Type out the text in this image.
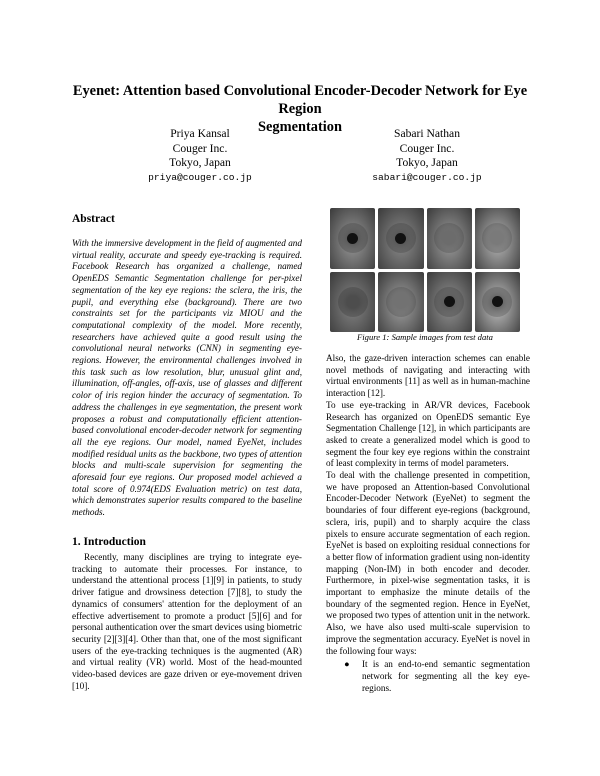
Eyenet: Attention based Convolutional Encoder-Decoder Network for Eye Region
Segmentation
Priya Kansal
Couger Inc.
Tokyo, Japan
priya@couger.co.jp
Sabari Nathan
Couger Inc.
Tokyo, Japan
sabari@couger.co.jp
Abstract
With the immersive development in the field of augmented and virtual reality, accurate and speedy eye-tracking is required. Facebook Research has organized a challenge, named OpenEDS Semantic Segmentation challenge for per-pixel segmentation of the key eye regions: the sclera, the iris, the pupil, and everything else (background). There are two constraints set for the participants viz MIOU and the computational complexity of the model. More recently, researchers have achieved quite a good result using the convolutional neural networks (CNN) in segmenting eye-regions. However, the environmental challenges involved in this task such as low resolution, blur, unusual glint and, illumination, off-angles, off-axis, use of glasses and different color of iris region hinder the accuracy of segmentation. To address the challenges in eye segmentation, the present work proposes a robust and computationally efficient attention-based convolutional encoder-decoder network for segmenting all the eye regions. Our model, named EyeNet, includes modified residual units as the backbone, two types of attention blocks and multi-scale supervision for segmenting the aforesaid four eye regions. Our proposed model achieved a total score of 0.974(EDS Evaluation metric) on test data, which demonstrates superior results compared to the baseline methods.
1. Introduction
Recently, many disciplines are trying to integrate eye-tracking to automate their processes. For instance, to understand the attentional process [1][9] in patients, to study driver fatigue and drowsiness detection [7][8], to study the dynamics of consumers' attention for the deployment of an effective advertisement to promote a product [5][6] and for personal authentication over the smart devices using biometric security [2][3][4]. Other than that, one of the most significant users of the eye-tracking techniques is the augmented (AR) and virtual reality (VR) world. Most of the head-mounted video-based devices are gaze driven or eye-movement driven [10].
Figure 1: Sample images from test data

Also, the gaze-driven interaction schemes can enable novel methods of navigating and interacting with virtual environments [11] as well as in human-machine interaction [12].

To use eye-tracking in AR/VR devices, Facebook Research has organized on OpenEDS semantic Eye Segmentation Challenge [12], in which participants are asked to create a generalized model which is good to segment the four key eye regions within the constraint of least complexity in terms of model parameters.

To deal with the challenge presented in competition, we have proposed an Attention-based Convolutional Encoder-Decoder Network (EyeNet) to segment the boundaries of four different eye-regions (background, sclera, iris, pupil) and to sharply acquire the class pixels to ensure accurate segmentation of each region. EyeNet is based on exploiting residual connections for a better flow of information gradient using non-identity mapping (Non-IM) in both encoder and decoder. Furthermore, in pixel-wise segmentation tasks, it is important to emphasize the minute details of the boundary of the segmented region. Hence in EyeNet, we proposed two types of attention unit in the network. Also, we have also used multi-scale supervision to improve the segmentation accuracy. EyeNet is novel in the following four ways:

●	It is an end-to-end semantic segmentation network for segmenting all the key eye-regions.
